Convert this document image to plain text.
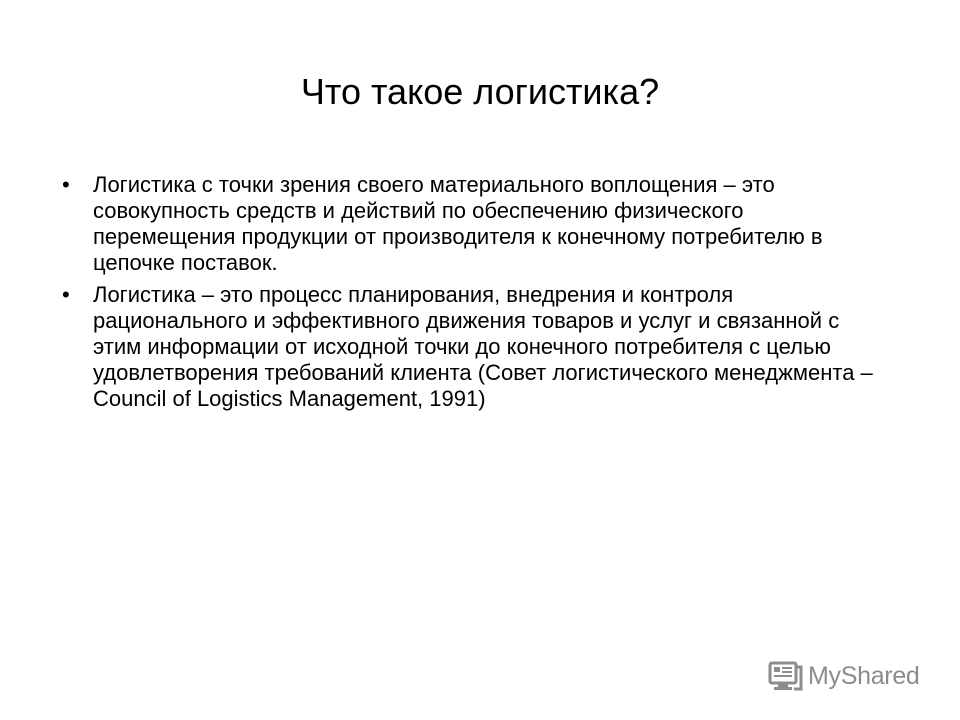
Что такое логистика?
• Логистика с точки зрения своего материального воплощения – это совокупность средств и действий по обеспечению физического перемещения продукции от производителя к конечному потребителю в цепочке поставок.
• Логистика – это процесс планирования, внедрения и контроля рационального и эффективного движения товаров и услуг и связанной с этим информации от исходной точки до конечного потребителя с целью удовлетворения требований клиента (Совет логистического менеджмента – Council of Logistics Management, 1991)
MyShared
